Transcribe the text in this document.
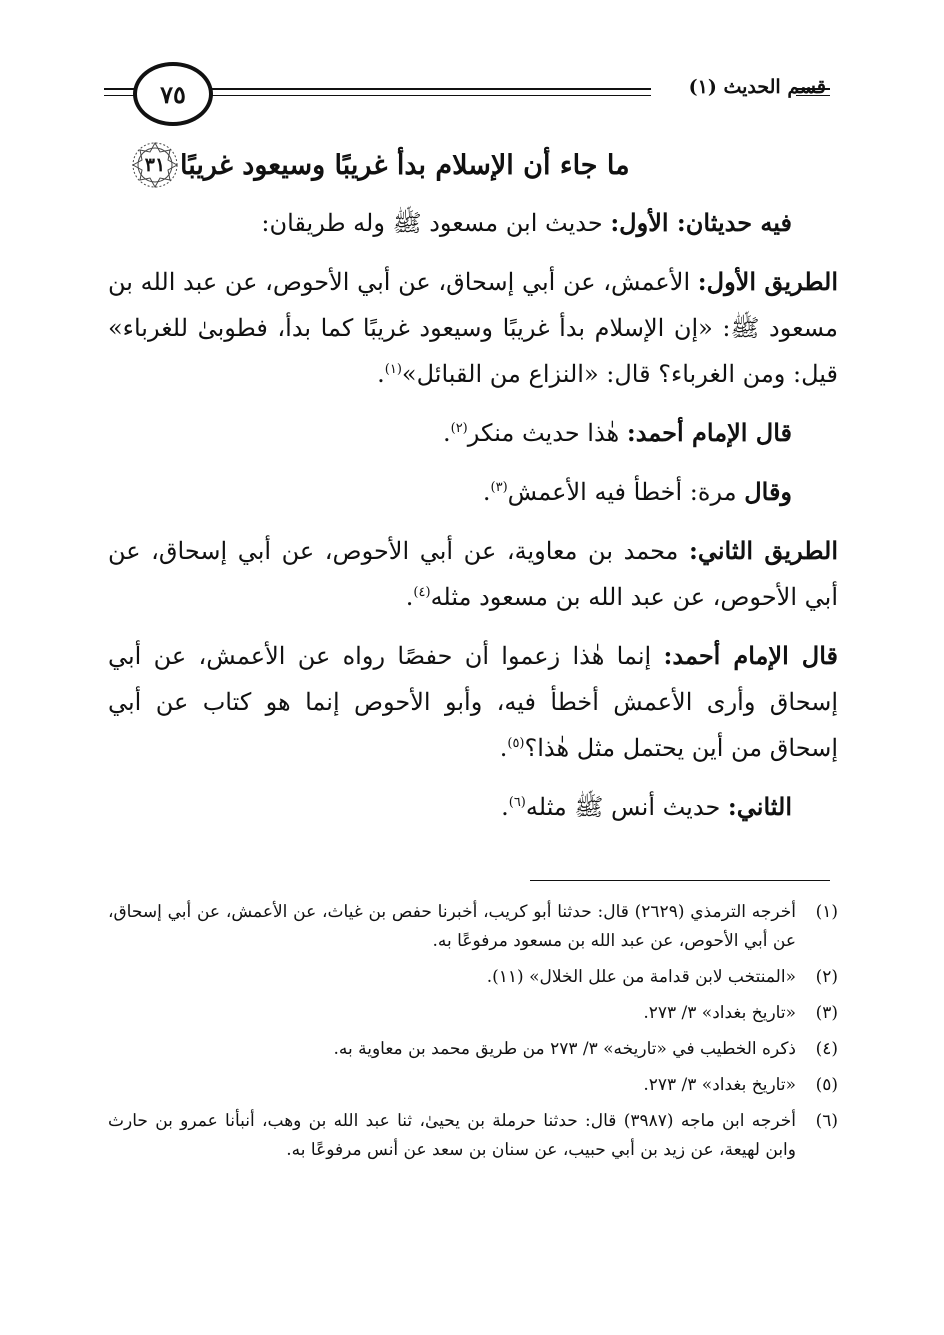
قسم الحديث (١)
٧٥
٣١ ما جاء أن الإسلام بدأ غريبًا وسيعود غريبًا

فيه حديثان: الأول: حديث ابن مسعود ﷺ وله طريقان:

الطريق الأول: الأعمش، عن أبي إسحاق، عن أبي الأحوص، عن عبد الله بن مسعود ﷺ: «إن الإسلام بدأ غريبًا وسيعود غريبًا كما بدأ، فطوبىٰ للغرباء» قيل: ومن الغرباء؟ قال: «النزاع من القبائل»$^{(١)}$.

قال الإمام أحمد: هٰذا حديث منكر$^{(٢)}$.

وقال مرة: أخطأ فيه الأعمش$^{(٣)}$.

الطريق الثاني: محمد بن معاوية، عن أبي الأحوص، عن أبي إسحاق، عن أبي الأحوص، عن عبد الله بن مسعود مثله$^{(٤)}$.

قال الإمام أحمد: إنما هٰذا زعموا أن حفصًا رواه عن الأعمش، عن أبي إسحاق وأرى الأعمش أخطأ فيه، وأبو الأحوص إنما هو كتاب عن أبي إسحاق من أين يحتمل مثل هٰذا؟$^{(٥)}$.

الثاني: حديث أنس ﷺ مثله$^{(٦)}$.

(١)
أخرجه الترمذي (٢٦٢٩) قال: حدثنا أبو كريب، أخبرنا حفص بن غياث، عن الأعمش، عن أبي إسحاق، عن أبي الأحوص، عن عبد الله بن مسعود مرفوعًا به.
(٢)
«المنتخب لابن قدامة من علل الخلال» (١١).
(٣)
«تاريخ بغداد» ٣/ ٢٧٣.
(٤)
ذكره الخطيب في «تاريخه» ٣/ ٢٧٣ من طريق محمد بن معاوية به.
(٥)
«تاريخ بغداد» ٣/ ٢٧٣.
(٦)
أخرجه ابن ماجه (٣٩٨٧) قال: حدثنا حرملة بن يحيىٰ، ثنا عبد الله بن وهب، أنبأنا عمرو بن حارث وابن لهيعة، عن زيد بن أبي حبيب، عن سنان بن سعد عن أنس مرفوعًا به.
